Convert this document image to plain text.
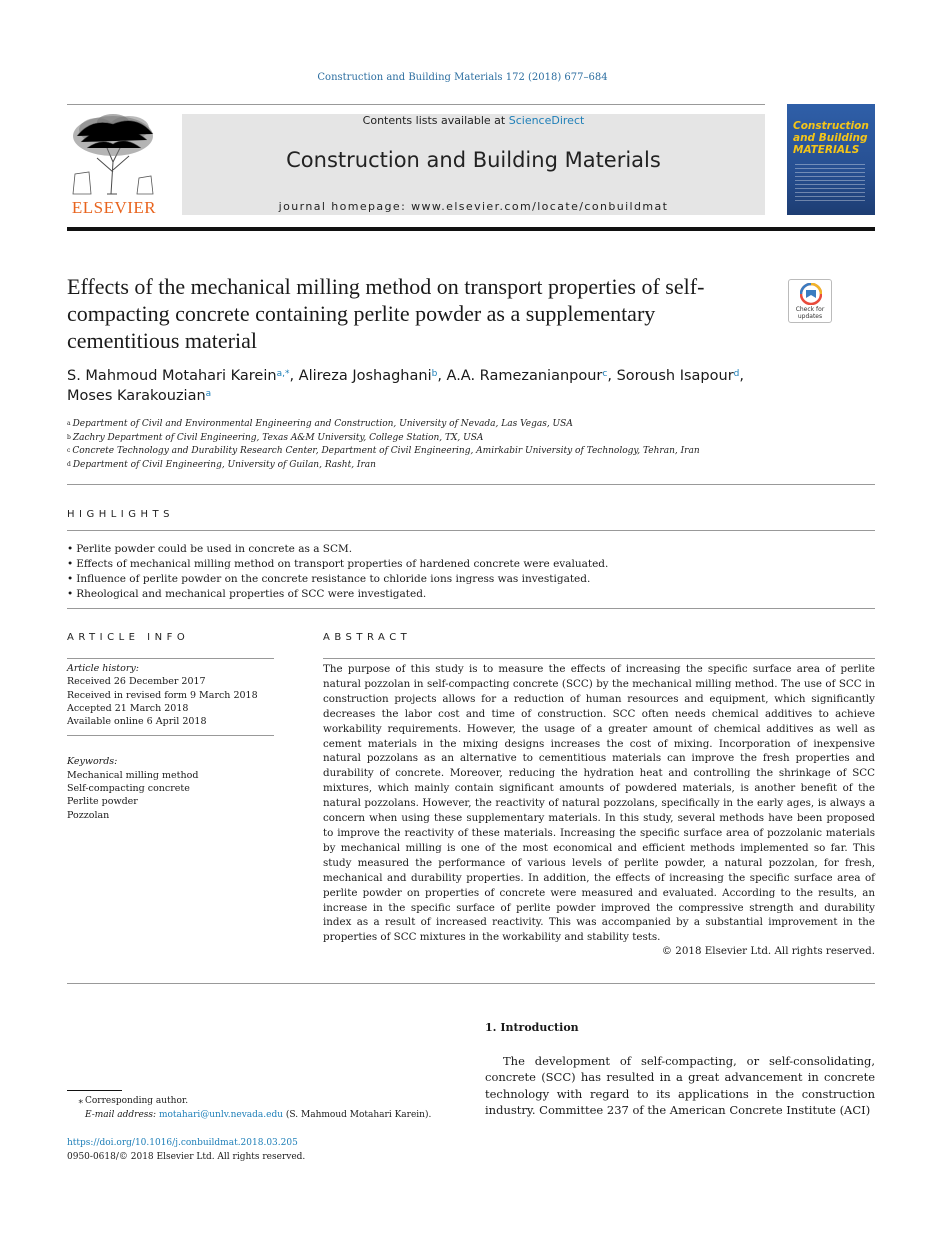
Construction and Building Materials 172 (2018) 677–684
ELSEVIER
Contents lists available at ScienceDirect
Construction and Building Materials
journal homepage: www.elsevier.com/locate/conbuildmat
Construction and Building MATERIALS
Effects of the mechanical milling method on transport properties of self-compacting concrete containing perlite powder as a supplementary cementitious material
Check for updates
S. Mahmoud Motahari Karein$^{a,*}$, Alireza Joshaghani$^b$, A.A. Ramezanianpour$^c$, Soroush Isapour$^d$,
Moses Karakouzian$^a$
$^a$ Department of Civil and Environmental Engineering and Construction, University of Nevada, Las Vegas, USA
$^b$ Zachry Department of Civil Engineering, Texas A&M University, College Station, TX, USA
$^c$ Concrete Technology and Durability Research Center, Department of Civil Engineering, Amirkabir University of Technology, Tehran, Iran
$^d$ Department of Civil Engineering, University of Guilan, Rasht, Iran
HIGHLIGHTS
• Perlite powder could be used in concrete as a SCM.
• Effects of mechanical milling method on transport properties of hardened concrete were evaluated.
• Influence of perlite powder on the concrete resistance to chloride ions ingress was investigated.
• Rheological and mechanical properties of SCC were investigated.
ARTICLE INFO
Article history:
Received 26 December 2017
Received in revised form 9 March 2018
Accepted 21 March 2018
Available online 6 April 2018
Keywords:
Mechanical milling method
Self-compacting concrete
Perlite powder
Pozzolan
ABSTRACT
The purpose of this study is to measure the effects of increasing the specific surface area of perlite natural pozzolan in self-compacting concrete (SCC) by the mechanical milling method. The use of SCC in construction projects allows for a reduction of human resources and equipment, which significantly decreases the labor cost and time of construction. SCC often needs chemical additives to achieve workability requirements. However, the usage of a greater amount of chemical additives as well as cement materials in the mixing designs increases the cost of mixing. Incorporation of inexpensive natural pozzolans as an alternative to cementitious materials can improve the fresh properties and durability of concrete. Moreover, reducing the hydration heat and controlling the shrinkage of SCC mixtures, which mainly contain significant amounts of powdered materials, is another benefit of the natural pozzolans. However, the reactivity of natural pozzolans, specifically in the early ages, is always a concern when using these supplementary materials. In this study, several methods have been proposed to improve the reactivity of these materials. Increasing the specific surface area of pozzolanic materials by mechanical milling is one of the most economical and efficient methods implemented so far. This study measured the performance of various levels of perlite powder, a natural pozzolan, for fresh, mechanical and durability properties. In addition, the effects of increasing the specific surface area of perlite powder on properties of concrete were measured and evaluated. According to the results, an increase in the specific surface of perlite powder improved the compressive strength and durability index as a result of increased reactivity. This was accompanied by a substantial improvement in the properties of SCC mixtures in the workability and stability tests.
© 2018 Elsevier Ltd. All rights reserved.
⁎ Corresponding author.
E-mail address: motahari@unlv.nevada.edu (S. Mahmoud Motahari Karein).
https://doi.org/10.1016/j.conbuildmat.2018.03.205
0950-0618/© 2018 Elsevier Ltd. All rights reserved.
1. Introduction
The development of self-compacting, or self-consolidating, concrete (SCC) has resulted in a great advancement in concrete technology with regard to its applications in the construction industry. Committee 237 of the American Concrete Institute (ACI)
